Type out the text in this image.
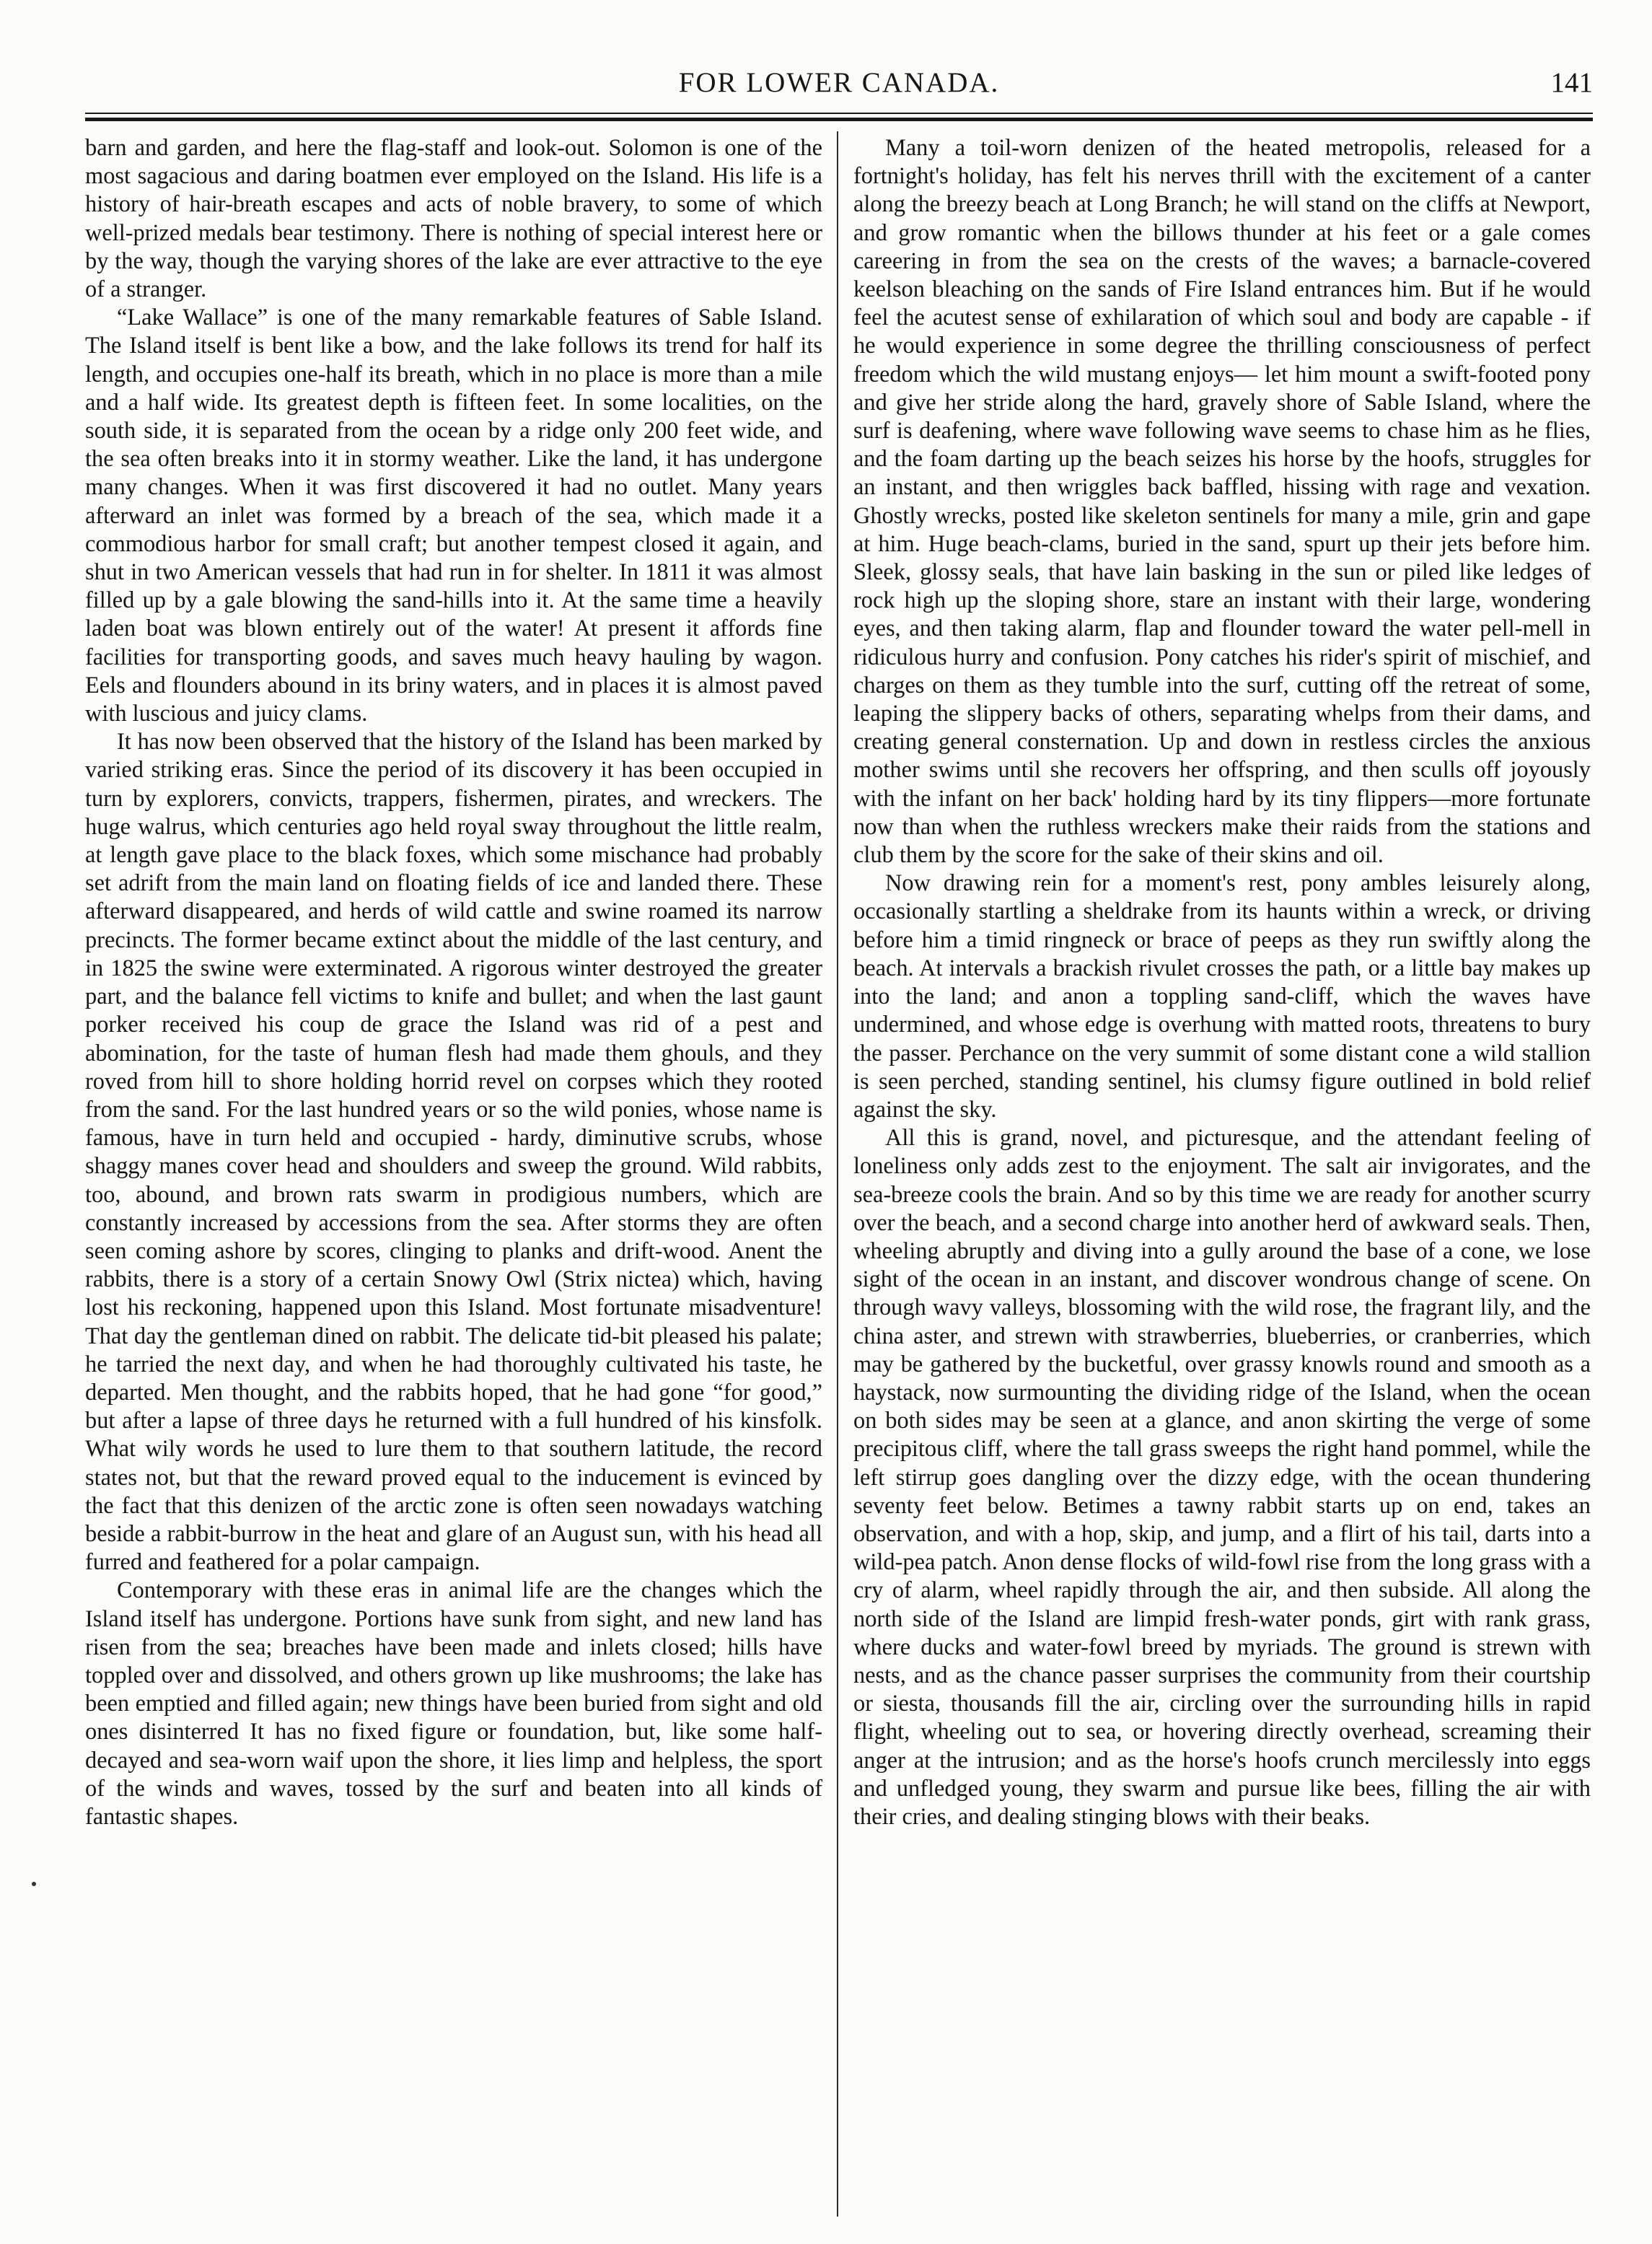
FOR LOWER CANADA.	141

barn and garden, and here the flag-staff and look-out. Solomon is one of the most sagacious and daring boatmen ever employed on the Island. His life is a history of hair-breath escapes and acts of noble bravery, to some of which well-prized medals bear testimony. There is nothing of special interest here or by the way, though the varying shores of the lake are ever attractive to the eye of a stranger.

“Lake Wallace” is one of the many remarkable features of Sable Island. The Island itself is bent like a bow, and the lake follows its trend for half its length, and occupies one-half its breath, which in no place is more than a mile and a half wide. Its greatest depth is fifteen feet. In some localities, on the south side, it is separated from the ocean by a ridge only 200 feet wide, and the sea often breaks into it in stormy weather. Like the land, it has undergone many changes. When it was first discovered it had no outlet. Many years afterward an inlet was formed by a breach of the sea, which made it a commodious harbor for small craft; but another tempest closed it again, and shut in two American vessels that had run in for shelter. In 1811 it was almost filled up by a gale blowing the sand-hills into it. At the same time a heavily laden boat was blown entirely out of the water! At present it affords fine facilities for transporting goods, and saves much heavy hauling by wagon. Eels and flounders abound in its briny waters, and in places it is almost paved with luscious and juicy clams.

It has now been observed that the history of the Island has been marked by varied striking eras. Since the period of its discovery it has been occupied in turn by explorers, convicts, trappers, fishermen, pirates, and wreckers. The huge walrus, which centuries ago held royal sway throughout the little realm, at length gave place to the black foxes, which some mischance had probably set adrift from the main land on floating fields of ice and landed there. These afterward disappeared, and herds of wild cattle and swine roamed its narrow precincts. The former became extinct about the middle of the last century, and in 1825 the swine were exterminated. A rigorous winter destroyed the greater part, and the balance fell victims to knife and bullet; and when the last gaunt porker received his coup de grace the Island was rid of a pest and abomination, for the taste of human flesh had made them ghouls, and they roved from hill to shore holding horrid revel on corpses which they rooted from the sand. For the last hundred years or so the wild ponies, whose name is famous, have in turn held and occupied - hardy, diminutive scrubs, whose shaggy manes cover head and shoulders and sweep the ground. Wild rabbits, too, abound, and brown rats swarm in prodigious numbers, which are constantly increased by accessions from the sea. After storms they are often seen coming ashore by scores, clinging to planks and drift-wood. Anent the rabbits, there is a story of a certain Snowy Owl (Strix nictea) which, having lost his reckoning, happened upon this Island. Most fortunate misadventure! That day the gentleman dined on rabbit. The delicate tid-bit pleased his palate; he tarried the next day, and when he had thoroughly cultivated his taste, he departed. Men thought, and the rabbits hoped, that he had gone “for good,” but after a lapse of three days he returned with a full hundred of his kinsfolk. What wily words he used to lure them to that southern latitude, the record states not, but that the reward proved equal to the inducement is evinced by the fact that this denizen of the arctic zone is often seen nowadays watching beside a rabbit-burrow in the heat and glare of an August sun, with his head all furred and feathered for a polar campaign.

Contemporary with these eras in animal life are the changes which the Island itself has undergone. Portions have sunk from sight, and new land has risen from the sea; breaches have been made and inlets closed; hills have toppled over and dissolved, and others grown up like mushrooms; the lake has been emptied and filled again; new things have been buried from sight and old ones disinterred It has no fixed figure or foundation, but, like some half-decayed and sea-worn waif upon the shore, it lies limp and helpless, the sport of the winds and waves, tossed by the surf and beaten into all kinds of fantastic shapes.

Many a toil-worn denizen of the heated metropolis, released for a fortnight's holiday, has felt his nerves thrill with the excitement of a canter along the breezy beach at Long Branch; he will stand on the cliffs at Newport, and grow romantic when the billows thunder at his feet or a gale comes careering in from the sea on the crests of the waves; a barnacle-covered keelson bleaching on the sands of Fire Island entrances him. But if he would feel the acutest sense of exhilaration of which soul and body are capable - if he would experience in some degree the thrilling consciousness of perfect freedom which the wild mustang enjoys— let him mount a swift-footed pony and give her stride along the hard, gravely shore of Sable Island, where the surf is deafening, where wave following wave seems to chase him as he flies, and the foam darting up the beach seizes his horse by the hoofs, struggles for an instant, and then wriggles back baffled, hissing with rage and vexation. Ghostly wrecks, posted like skeleton sentinels for many a mile, grin and gape at him. Huge beach-clams, buried in the sand, spurt up their jets before him. Sleek, glossy seals, that have lain basking in the sun or piled like ledges of rock high up the sloping shore, stare an instant with their large, wondering eyes, and then taking alarm, flap and flounder toward the water pell-mell in ridiculous hurry and confusion. Pony catches his rider's spirit of mischief, and charges on them as they tumble into the surf, cutting off the retreat of some, leaping the slippery backs of others, separating whelps from their dams, and creating general consternation. Up and down in restless circles the anxious mother swims until she recovers her offspring, and then sculls off joyously with the infant on her back' holding hard by its tiny flippers—more fortunate now than when the ruthless wreckers make their raids from the stations and club them by the score for the sake of their skins and oil.

Now drawing rein for a moment's rest, pony ambles leisurely along, occasionally startling a sheldrake from its haunts within a wreck, or driving before him a timid ringneck or brace of peeps as they run swiftly along the beach. At intervals a brackish rivulet crosses the path, or a little bay makes up into the land; and anon a toppling sand-cliff, which the waves have undermined, and whose edge is overhung with matted roots, threatens to bury the passer. Perchance on the very summit of some distant cone a wild stallion is seen perched, standing sentinel, his clumsy figure outlined in bold relief against the sky.

All this is grand, novel, and picturesque, and the attendant feeling of loneliness only adds zest to the enjoyment. The salt air invigorates, and the sea-breeze cools the brain. And so by this time we are ready for another scurry over the beach, and a second charge into another herd of awkward seals. Then, wheeling abruptly and diving into a gully around the base of a cone, we lose sight of the ocean in an instant, and discover wondrous change of scene. On through wavy valleys, blossoming with the wild rose, the fragrant lily, and the china aster, and strewn with strawberries, blueberries, or cranberries, which may be gathered by the bucketful, over grassy knowls round and smooth as a haystack, now surmounting the dividing ridge of the Island, when the ocean on both sides may be seen at a glance, and anon skirting the verge of some precipitous cliff, where the tall grass sweeps the right hand pommel, while the left stirrup goes dangling over the dizzy edge, with the ocean thundering seventy feet below. Betimes a tawny rabbit starts up on end, takes an observation, and with a hop, skip, and jump, and a flirt of his tail, darts into a wild-pea patch. Anon dense flocks of wild-fowl rise from the long grass with a cry of alarm, wheel rapidly through the air, and then subside. All along the north side of the Island are limpid fresh-water ponds, girt with rank grass, where ducks and water-fowl breed by myriads. The ground is strewn with nests, and as the chance passer surprises the community from their courtship or siesta, thousands fill the air, circling over the surrounding hills in rapid flight, wheeling out to sea, or hovering directly overhead, screaming their anger at the intrusion; and as the horse's hoofs crunch mercilessly into eggs and unfledged young, they swarm and pursue like bees, filling the air with their cries, and dealing stinging blows with their beaks.
